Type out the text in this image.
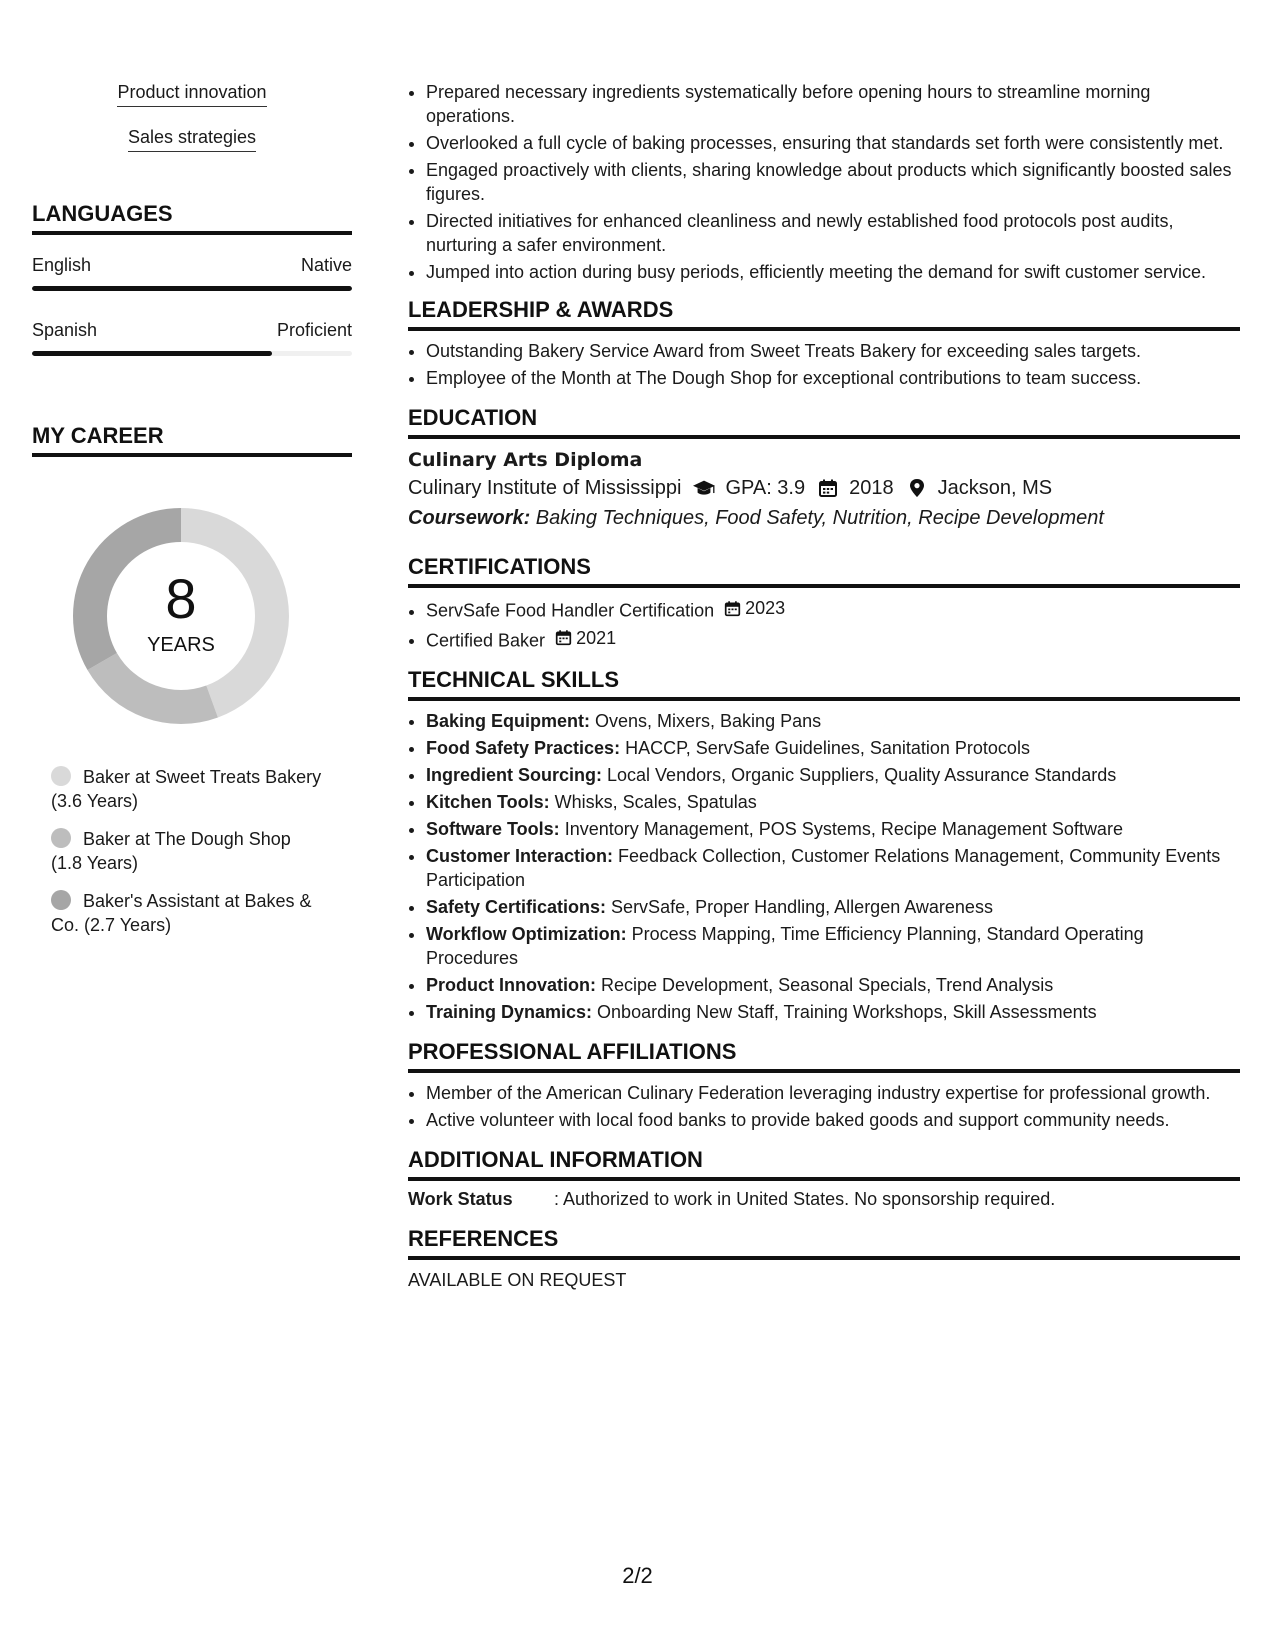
Product innovation
Sales strategies
LANGUAGES
English	Native
Spanish	Proficient
MY CAREER
8
YEARS
Baker at Sweet Treats Bakery (3.6 Years)
Baker at The Dough Shop (1.8 Years)
Baker's Assistant at Bakes & Co. (2.7 Years)
• Prepared necessary ingredients systematically before opening hours to streamline morning operations.
• Overlooked a full cycle of baking processes, ensuring that standards set forth were consistently met.
• Engaged proactively with clients, sharing knowledge about products which significantly boosted sales figures.
• Directed initiatives for enhanced cleanliness and newly established food protocols post audits, nurturing a safer environment.
• Jumped into action during busy periods, efficiently meeting the demand for swift customer service.
LEADERSHIP & AWARDS
• Outstanding Bakery Service Award from Sweet Treats Bakery for exceeding sales targets.
• Employee of the Month at The Dough Shop for exceptional contributions to team success.
EDUCATION
Culinary Arts Diploma
Culinary Institute of Mississippi GPA: 3.9 2018 Jackson, MS
Coursework: Baking Techniques, Food Safety, Nutrition, Recipe Development
CERTIFICATIONS
• ServSafe Food Handler Certification 2023
• Certified Baker 2021
TECHNICAL SKILLS
• Baking Equipment: Ovens, Mixers, Baking Pans
• Food Safety Practices: HACCP, ServSafe Guidelines, Sanitation Protocols
• Ingredient Sourcing: Local Vendors, Organic Suppliers, Quality Assurance Standards
• Kitchen Tools: Whisks, Scales, Spatulas
• Software Tools: Inventory Management, POS Systems, Recipe Management Software
• Customer Interaction: Feedback Collection, Customer Relations Management, Community Events Participation
• Safety Certifications: ServSafe, Proper Handling, Allergen Awareness
• Workflow Optimization: Process Mapping, Time Efficiency Planning, Standard Operating Procedures
• Product Innovation: Recipe Development, Seasonal Specials, Trend Analysis
• Training Dynamics: Onboarding New Staff, Training Workshops, Skill Assessments
PROFESSIONAL AFFILIATIONS
• Member of the American Culinary Federation leveraging industry expertise for professional growth.
• Active volunteer with local food banks to provide baked goods and support community needs.
ADDITIONAL INFORMATION
Work Status	: Authorized to work in United States. No sponsorship required.
REFERENCES
AVAILABLE ON REQUEST
2/2
